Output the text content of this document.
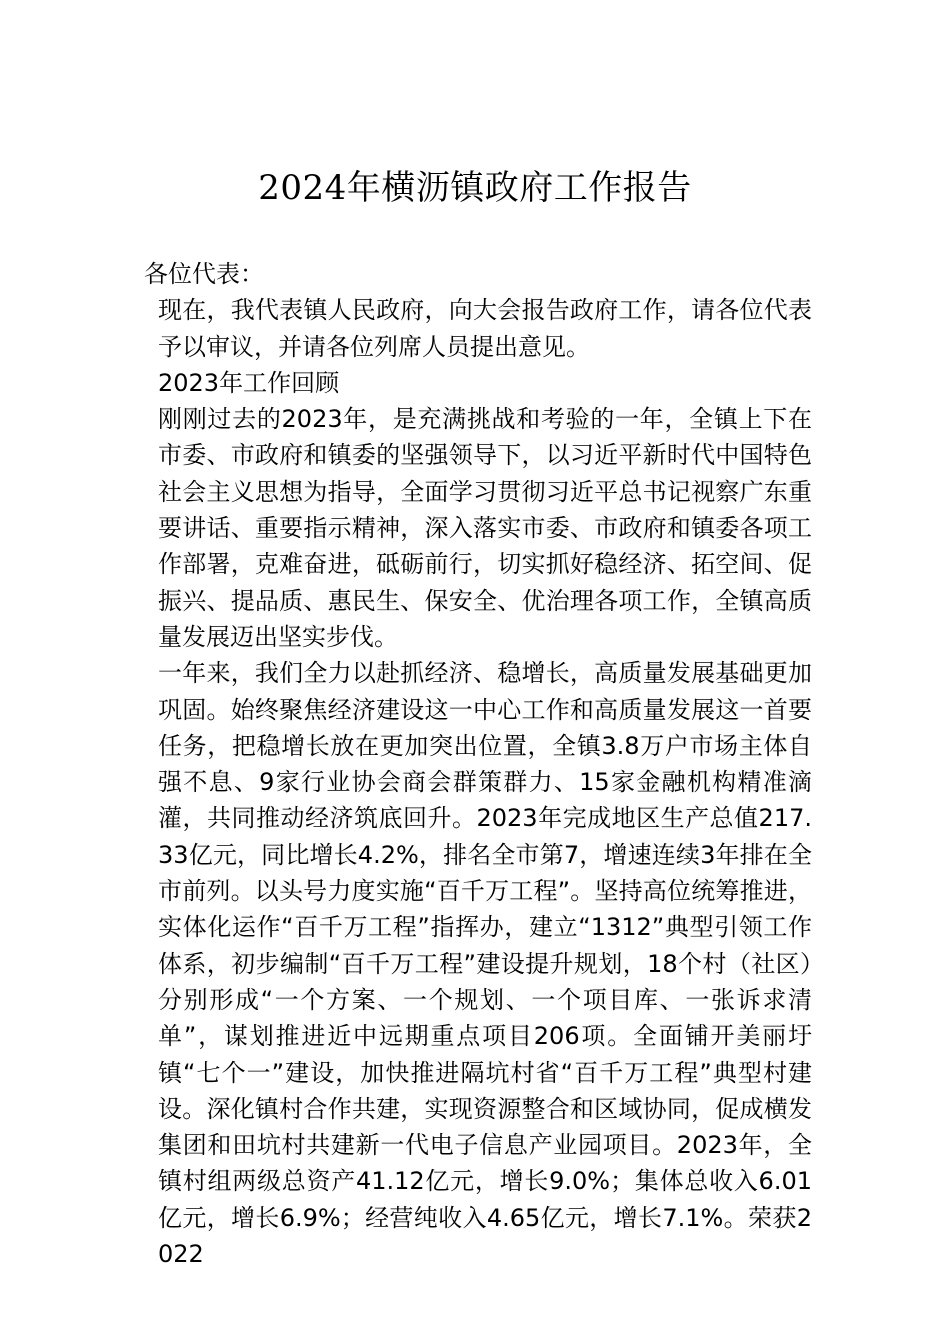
2024年横沥镇政府工作报告

各位代表：

现在，我代表镇人民政府，向大会报告政府工作，请各位代表予以审议，并请各位列席人员提出意见。

2023年工作回顾

刚刚过去的2023年，是充满挑战和考验的一年，全镇上下在市委、市政府和镇委的坚强领导下，以习近平新时代中国特色社会主义思想为指导，全面学习贯彻习近平总书记视察广东重要讲话、重要指示精神，深入落实市委、市政府和镇委各项工作部署，克难奋进，砥砺前行，切实抓好稳经济、拓空间、促振兴、提品质、惠民生、保安全、优治理各项工作，全镇高质量发展迈出坚实步伐。

一年来，我们全力以赴抓经济、稳增长，高质量发展基础更加巩固。始终聚焦经济建设这一中心工作和高质量发展这一首要任务，把稳增长放在更加突出位置，全镇3.8万户市场主体自强不息、9家行业协会商会群策群力、15家金融机构精准滴灌，共同推动经济筑底回升。2023年完成地区生产总值217.33亿元，同比增长4.2%，排名全市第7，增速连续3年排在全市前列。以头号力度实施“百千万工程”。坚持高位统筹推进，实体化运作“百千万工程”指挥办，建立“1312”典型引领工作体系，初步编制“百千万工程”建设提升规划，18个村（社区）分别形成“一个方案、一个规划、一个项目库、一张诉求清单”，谋划推进近中远期重点项目206项。全面铺开美丽圩镇“七个一”建设，加快推进隔坑村省“百千万工程”典型村建设。深化镇村合作共建，实现资源整合和区域协同，促成横发集团和田坑村共建新一代电子信息产业园项目。2023年，全镇村组两级总资产41.12亿元，增长9.0%；集体总收入6.01亿元，增长6.9%；经营纯收入4.65亿元，增长7.1%。荣获2022
